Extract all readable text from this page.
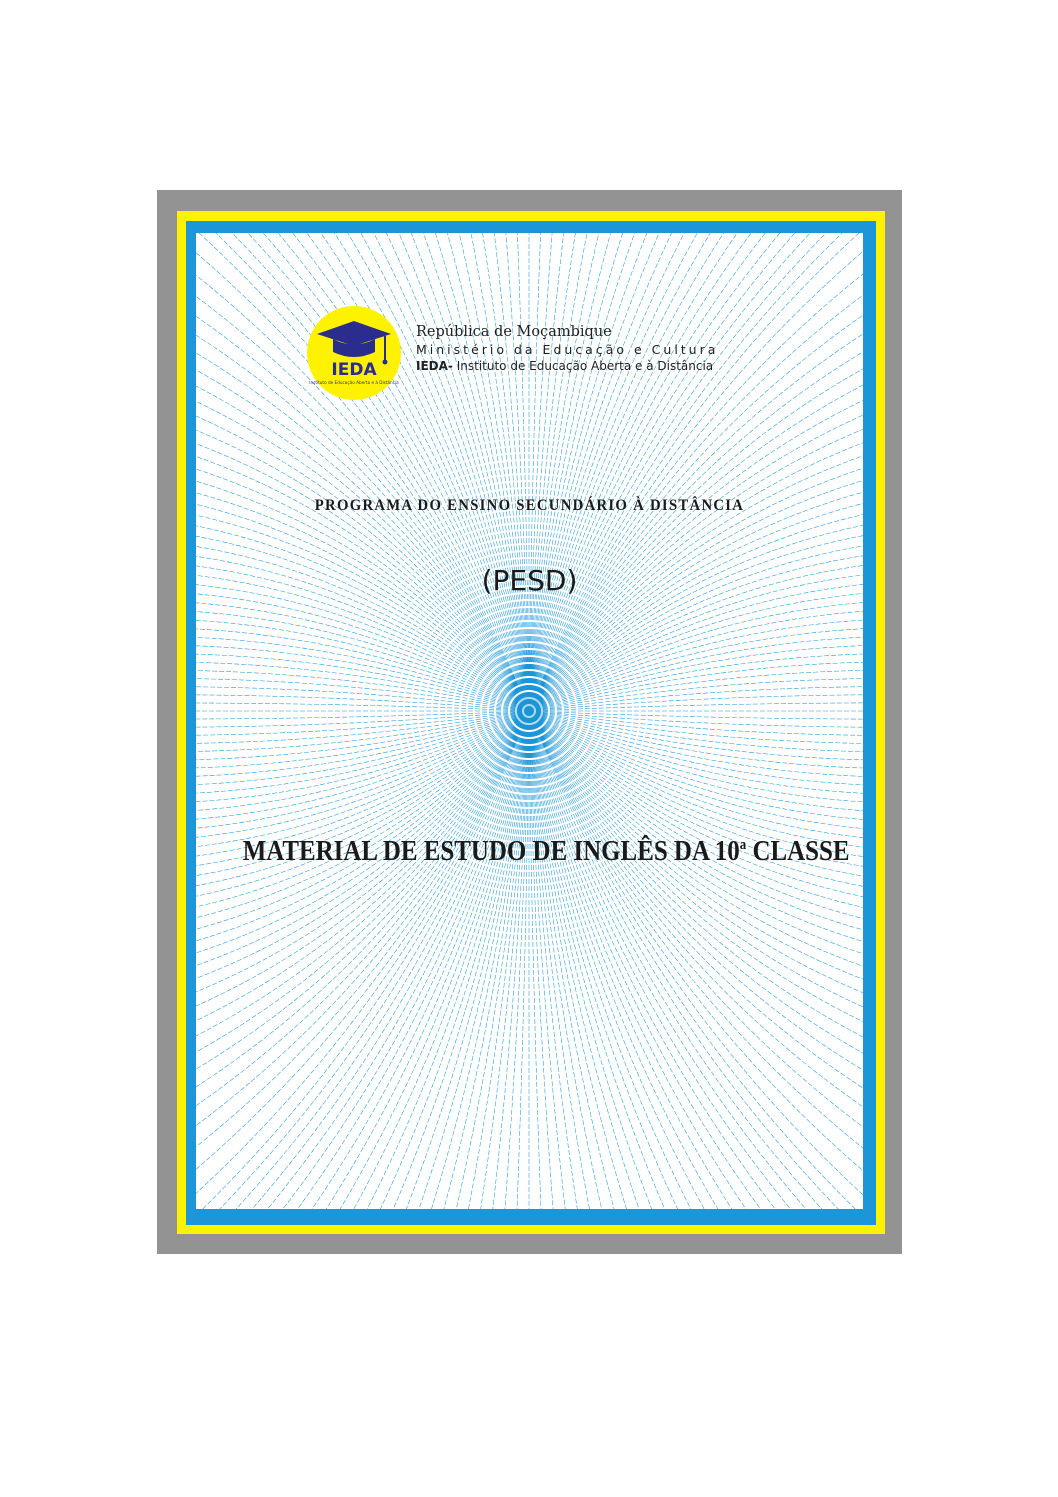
IEDA
Instituto de Educação Aberta e à Distância
República de Moçambique
Ministério da Educação e Cultura
IEDA- Instituto de Educação Aberta e à Distância
PROGRAMA DO ENSINO SECUNDÁRIO À DISTÂNCIA
(PESD)
MATERIAL DE ESTUDO DE INGLÊS DA 10$^a$ CLASSE
